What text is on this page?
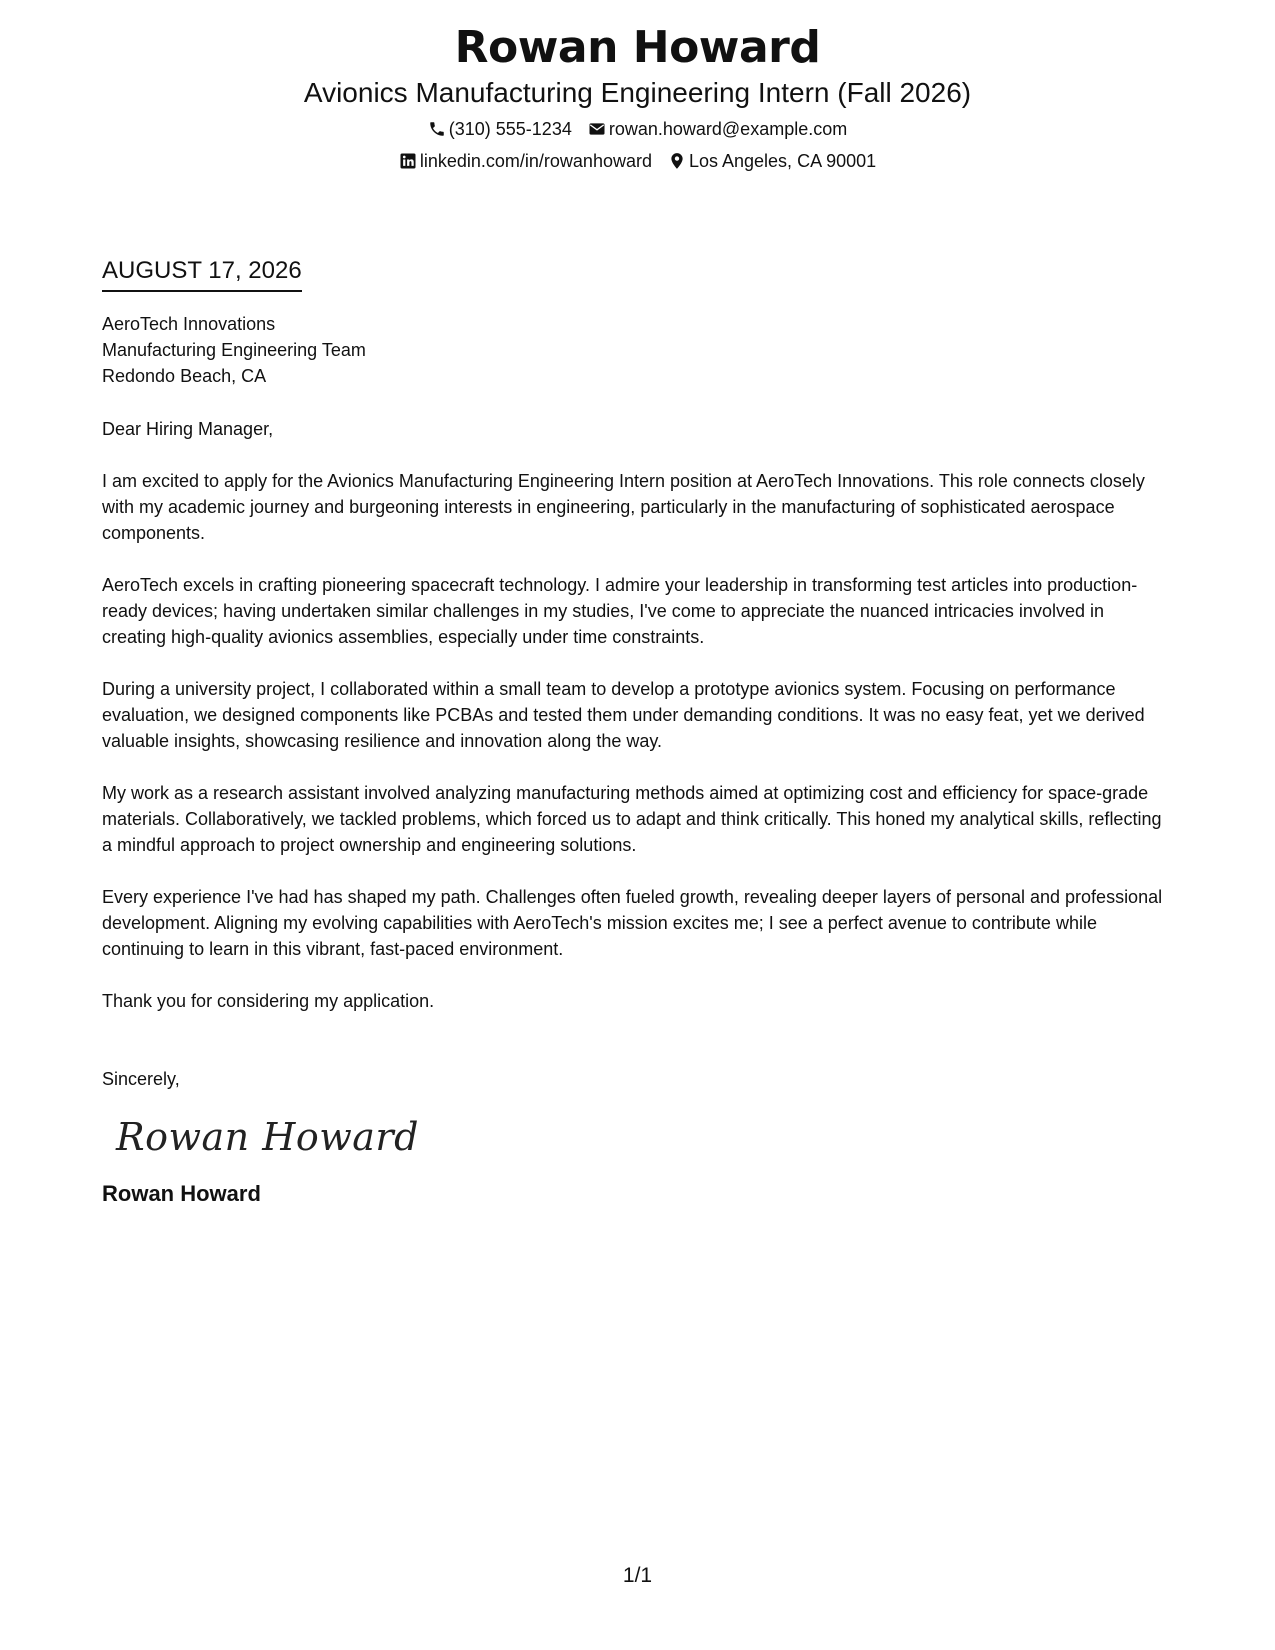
Rowan Howard
Avionics Manufacturing Engineering Intern (Fall 2026)
(310) 555-1234 rowan.howard@example.com
linkedin.com/in/rowanhoward Los Angeles, CA 90001
AUGUST 17, 2026
AeroTech Innovations
Manufacturing Engineering Team
Redondo Beach, CA
Dear Hiring Manager,
I am excited to apply for the Avionics Manufacturing Engineering Intern position at AeroTech Innovations. This role connects closely with my academic journey and burgeoning interests in engineering, particularly in the manufacturing of sophisticated aerospace components.
AeroTech excels in crafting pioneering spacecraft technology. I admire your leadership in transforming test articles into production-ready devices; having undertaken similar challenges in my studies, I've come to appreciate the nuanced intricacies involved in creating high-quality avionics assemblies, especially under time constraints.
During a university project, I collaborated within a small team to develop a prototype avionics system. Focusing on performance evaluation, we designed components like PCBAs and tested them under demanding conditions. It was no easy feat, yet we derived valuable insights, showcasing resilience and innovation along the way.
My work as a research assistant involved analyzing manufacturing methods aimed at optimizing cost and efficiency for space-grade materials. Collaboratively, we tackled problems, which forced us to adapt and think critically. This honed my analytical skills, reflecting a mindful approach to project ownership and engineering solutions.
Every experience I've had has shaped my path. Challenges often fueled growth, revealing deeper layers of personal and professional development. Aligning my evolving capabilities with AeroTech's mission excites me; I see a perfect avenue to contribute while continuing to learn in this vibrant, fast-paced environment.
Thank you for considering my application.
Sincerely,
Rowan Howard
Rowan Howard
1/1
